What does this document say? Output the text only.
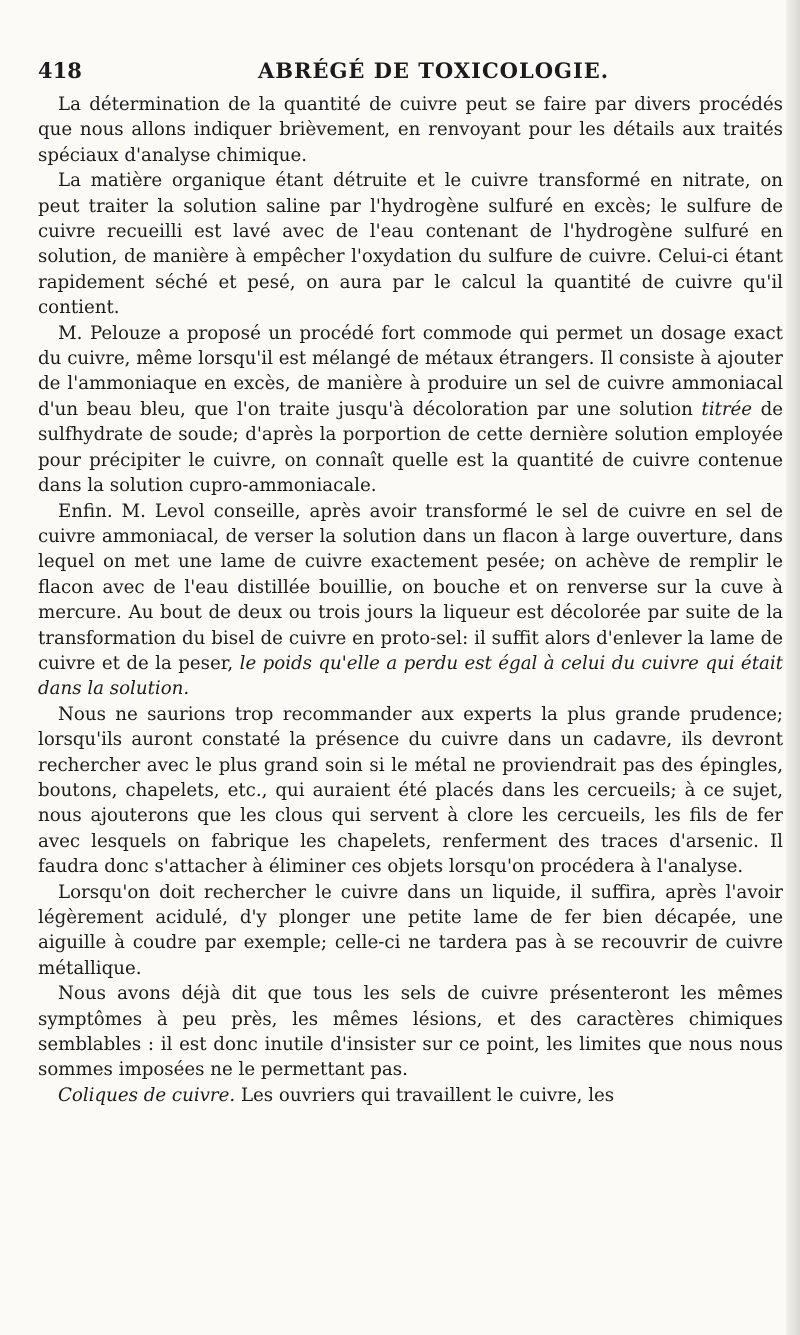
418	ABRÉGÉ DE TOXICOLOGIE.

La détermination de la quantité de cuivre peut se faire par divers procédés que nous allons indiquer brièvement, en renvoyant pour les détails aux traités spéciaux d'analyse chimique.

La matière organique étant détruite et le cuivre transformé en nitrate, on peut traiter la solution saline par l'hydrogène sulfuré en excès; le sulfure de cuivre recueilli est lavé avec de l'eau contenant de l'hydrogène sulfuré en solution, de manière à empêcher l'oxydation du sulfure de cuivre. Celui-ci étant rapidement séché et pesé, on aura par le calcul la quantité de cuivre qu'il contient.

M. Pelouze a proposé un procédé fort commode qui permet un dosage exact du cuivre, même lorsqu'il est mélangé de métaux étrangers. Il consiste à ajouter de l'ammoniaque en excès, de manière à produire un sel de cuivre ammoniacal d'un beau bleu, que l'on traite jusqu'à décoloration par une solution titrée de sulfhydrate de soude; d'après la porportion de cette dernière solution employée pour précipiter le cuivre, on connaît quelle est la quantité de cuivre contenue dans la solution cupro-ammoniacale.

Enfin. M. Levol conseille, après avoir transformé le sel de cuivre en sel de cuivre ammoniacal, de verser la solution dans un flacon à large ouverture, dans lequel on met une lame de cuivre exactement pesée; on achève de remplir le flacon avec de l'eau distillée bouillie, on bouche et on renverse sur la cuve à mercure. Au bout de deux ou trois jours la liqueur est décolorée par suite de la transformation du bisel de cuivre en proto-sel: il suffit alors d'enlever la lame de cuivre et de la peser, le poids qu'elle a perdu est égal à celui du cuivre qui était dans la solution.

Nous ne saurions trop recommander aux experts la plus grande prudence; lorsqu'ils auront constaté la présence du cuivre dans un cadavre, ils devront rechercher avec le plus grand soin si le métal ne proviendrait pas des épingles, boutons, chapelets, etc., qui auraient été placés dans les cercueils; à ce sujet, nous ajouterons que les clous qui servent à clore les cercueils, les fils de fer avec lesquels on fabrique les chapelets, renferment des traces d'arsenic. Il faudra donc s'attacher à éliminer ces objets lorsqu'on procédera à l'analyse.

Lorsqu'on doit rechercher le cuivre dans un liquide, il suffira, après l'avoir légèrement acidulé, d'y plonger une petite lame de fer bien décapée, une aiguille à coudre par exemple; celle-ci ne tardera pas à se recouvrir de cuivre métallique.

Nous avons déjà dit que tous les sels de cuivre présenteront les mêmes symptômes à peu près, les mêmes lésions, et des caractères chimiques semblables : il est donc inutile d'insister sur ce point, les limites que nous nous sommes imposées ne le permettant pas.

Coliques de cuivre. Les ouvriers qui travaillent le cuivre, les
